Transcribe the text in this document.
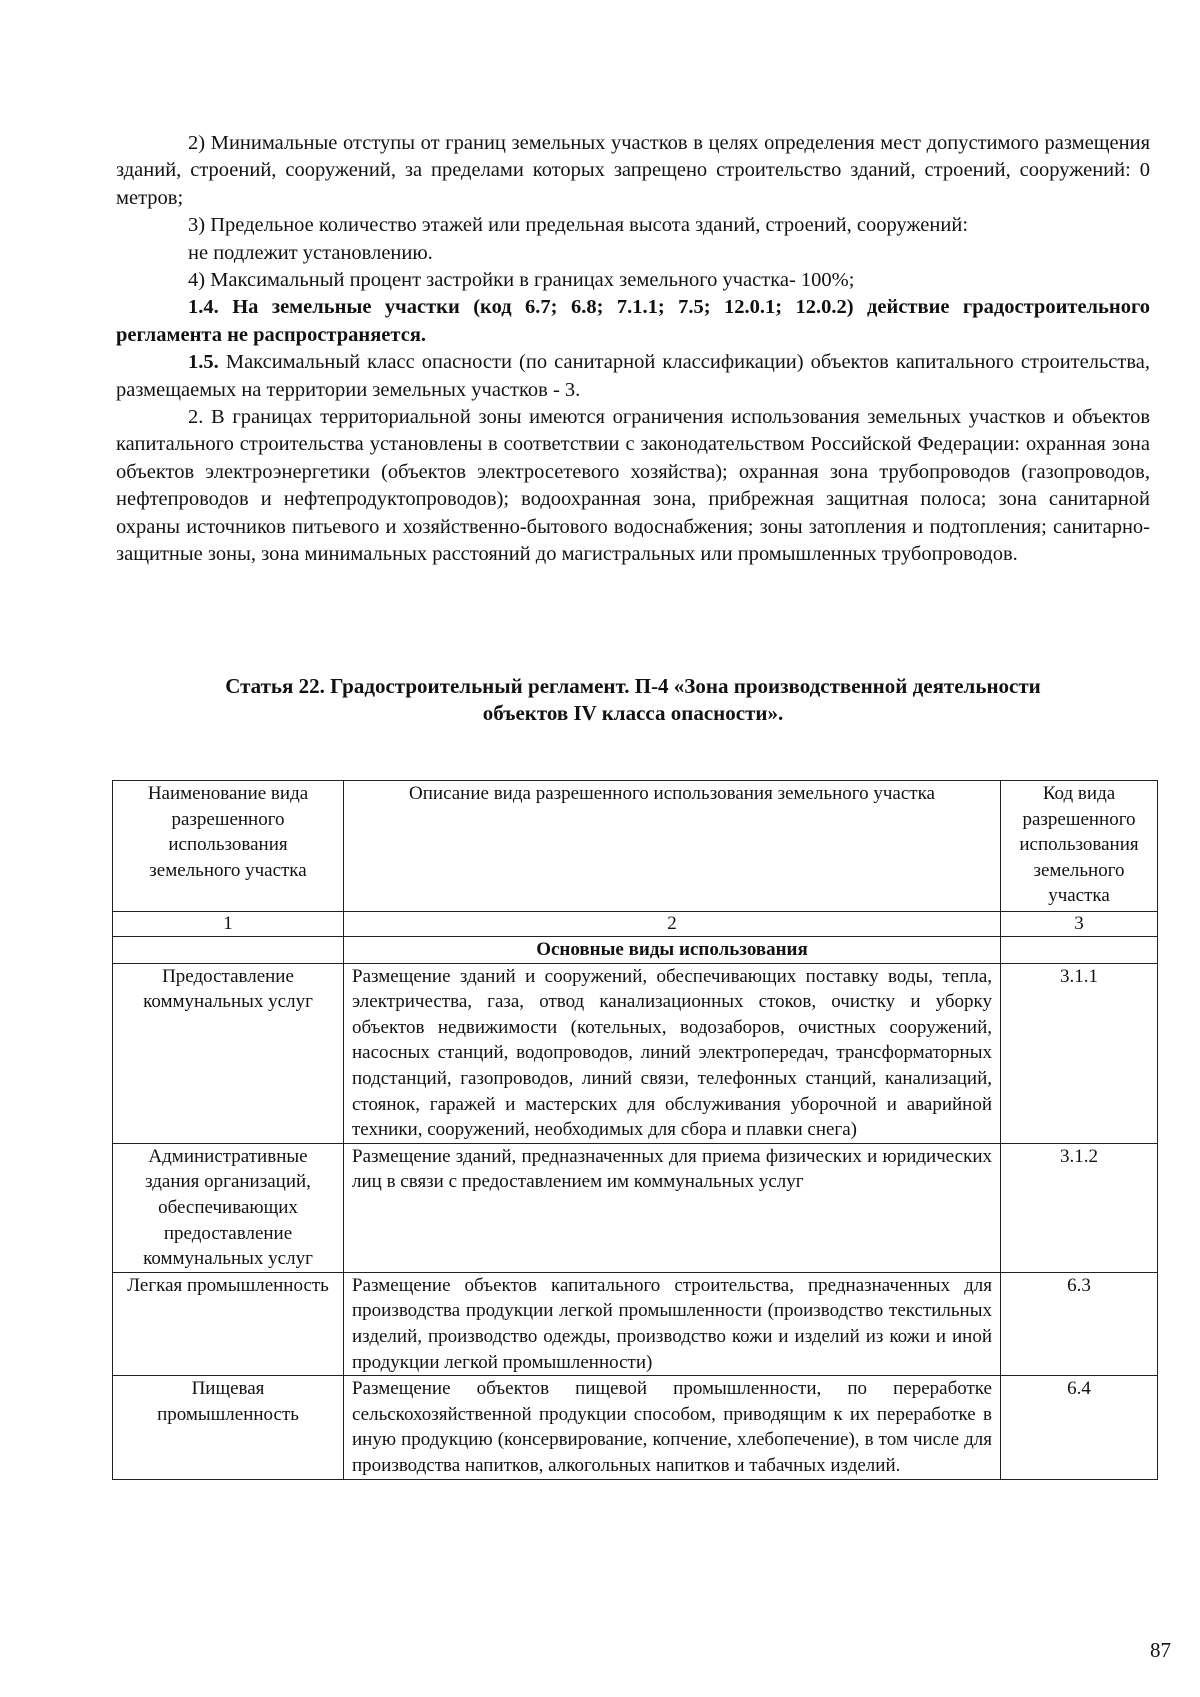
2) Минимальные отступы от границ земельных участков в целях определения мест допустимого размещения зданий, строений, сооружений, за пределами которых запрещено строительство зданий, строений, сооружений: 0 метров;

3) Предельное количество этажей или предельная высота зданий, строений, сооружений:

не подлежит установлению.

4) Максимальный процент застройки в границах земельного участка- 100%;

1.4. На земельные участки (код 6.7; 6.8; 7.1.1; 7.5; 12.0.1; 12.0.2) действие градостроительного регламента не распространяется.

1.5. Максимальный класс опасности (по санитарной классификации) объектов капитального строительства, размещаемых на территории земельных участков - 3.

2. В границах территориальной зоны имеются ограничения использования земельных участков и объектов капитального строительства установлены в соответствии с законодательством Российской Федерации: охранная зона объектов электроэнергетики (объектов электросетевого хозяйства); охранная зона трубопроводов (газопроводов, нефтепроводов и нефтепродуктопроводов); водоохранная зона, прибрежная защитная полоса; зона санитарной охраны источников питьевого и хозяйственно-бытового водоснабжения; зоны затопления и подтопления; санитарно-защитные зоны, зона минимальных расстояний до магистральных или промышленных трубопроводов.

Статья 22. Градостроительный регламент. П-4 «Зона производственной деятельности
объектов IV класса опасности».
Наименование вида разрешенного использования земельного участка	Описание вида разрешенного использования земельного участка	Код вида разрешенного использования земельного участка
1	2	3
	Основные виды использования	
Предоставление коммунальных услуг	Размещение зданий и сооружений, обеспечивающих поставку воды, тепла, электричества, газа, отвод канализационных стоков, очистку и уборку объектов недвижимости (котельных, водозаборов, очистных сооружений, насосных станций, водопроводов, линий электропередач, трансформаторных подстанций, газопроводов, линий связи, телефонных станций, канализаций, стоянок, гаражей и мастерских для обслуживания уборочной и аварийной техники, сооружений, необходимых для сбора и плавки снега)	3.1.1
Административные здания организаций, обеспечивающих предоставление коммунальных услуг	Размещение зданий, предназначенных для приема физических и юридических лиц в связи с предоставлением им коммунальных услуг	3.1.2
Легкая промышленность	Размещение объектов капитального строительства, предназначенных для производства продукции легкой промышленности (производство текстильных изделий, производство одежды, производство кожи и изделий из кожи и иной продукции легкой промышленности)	6.3
Пищевая промышленность	Размещение объектов пищевой промышленности, по переработке сельскохозяйственной продукции способом, приводящим к их переработке в иную продукцию (консервирование, копчение, хлебопечение), в том числе для производства напитков, алкогольных напитков и табачных изделий.	6.4
87
